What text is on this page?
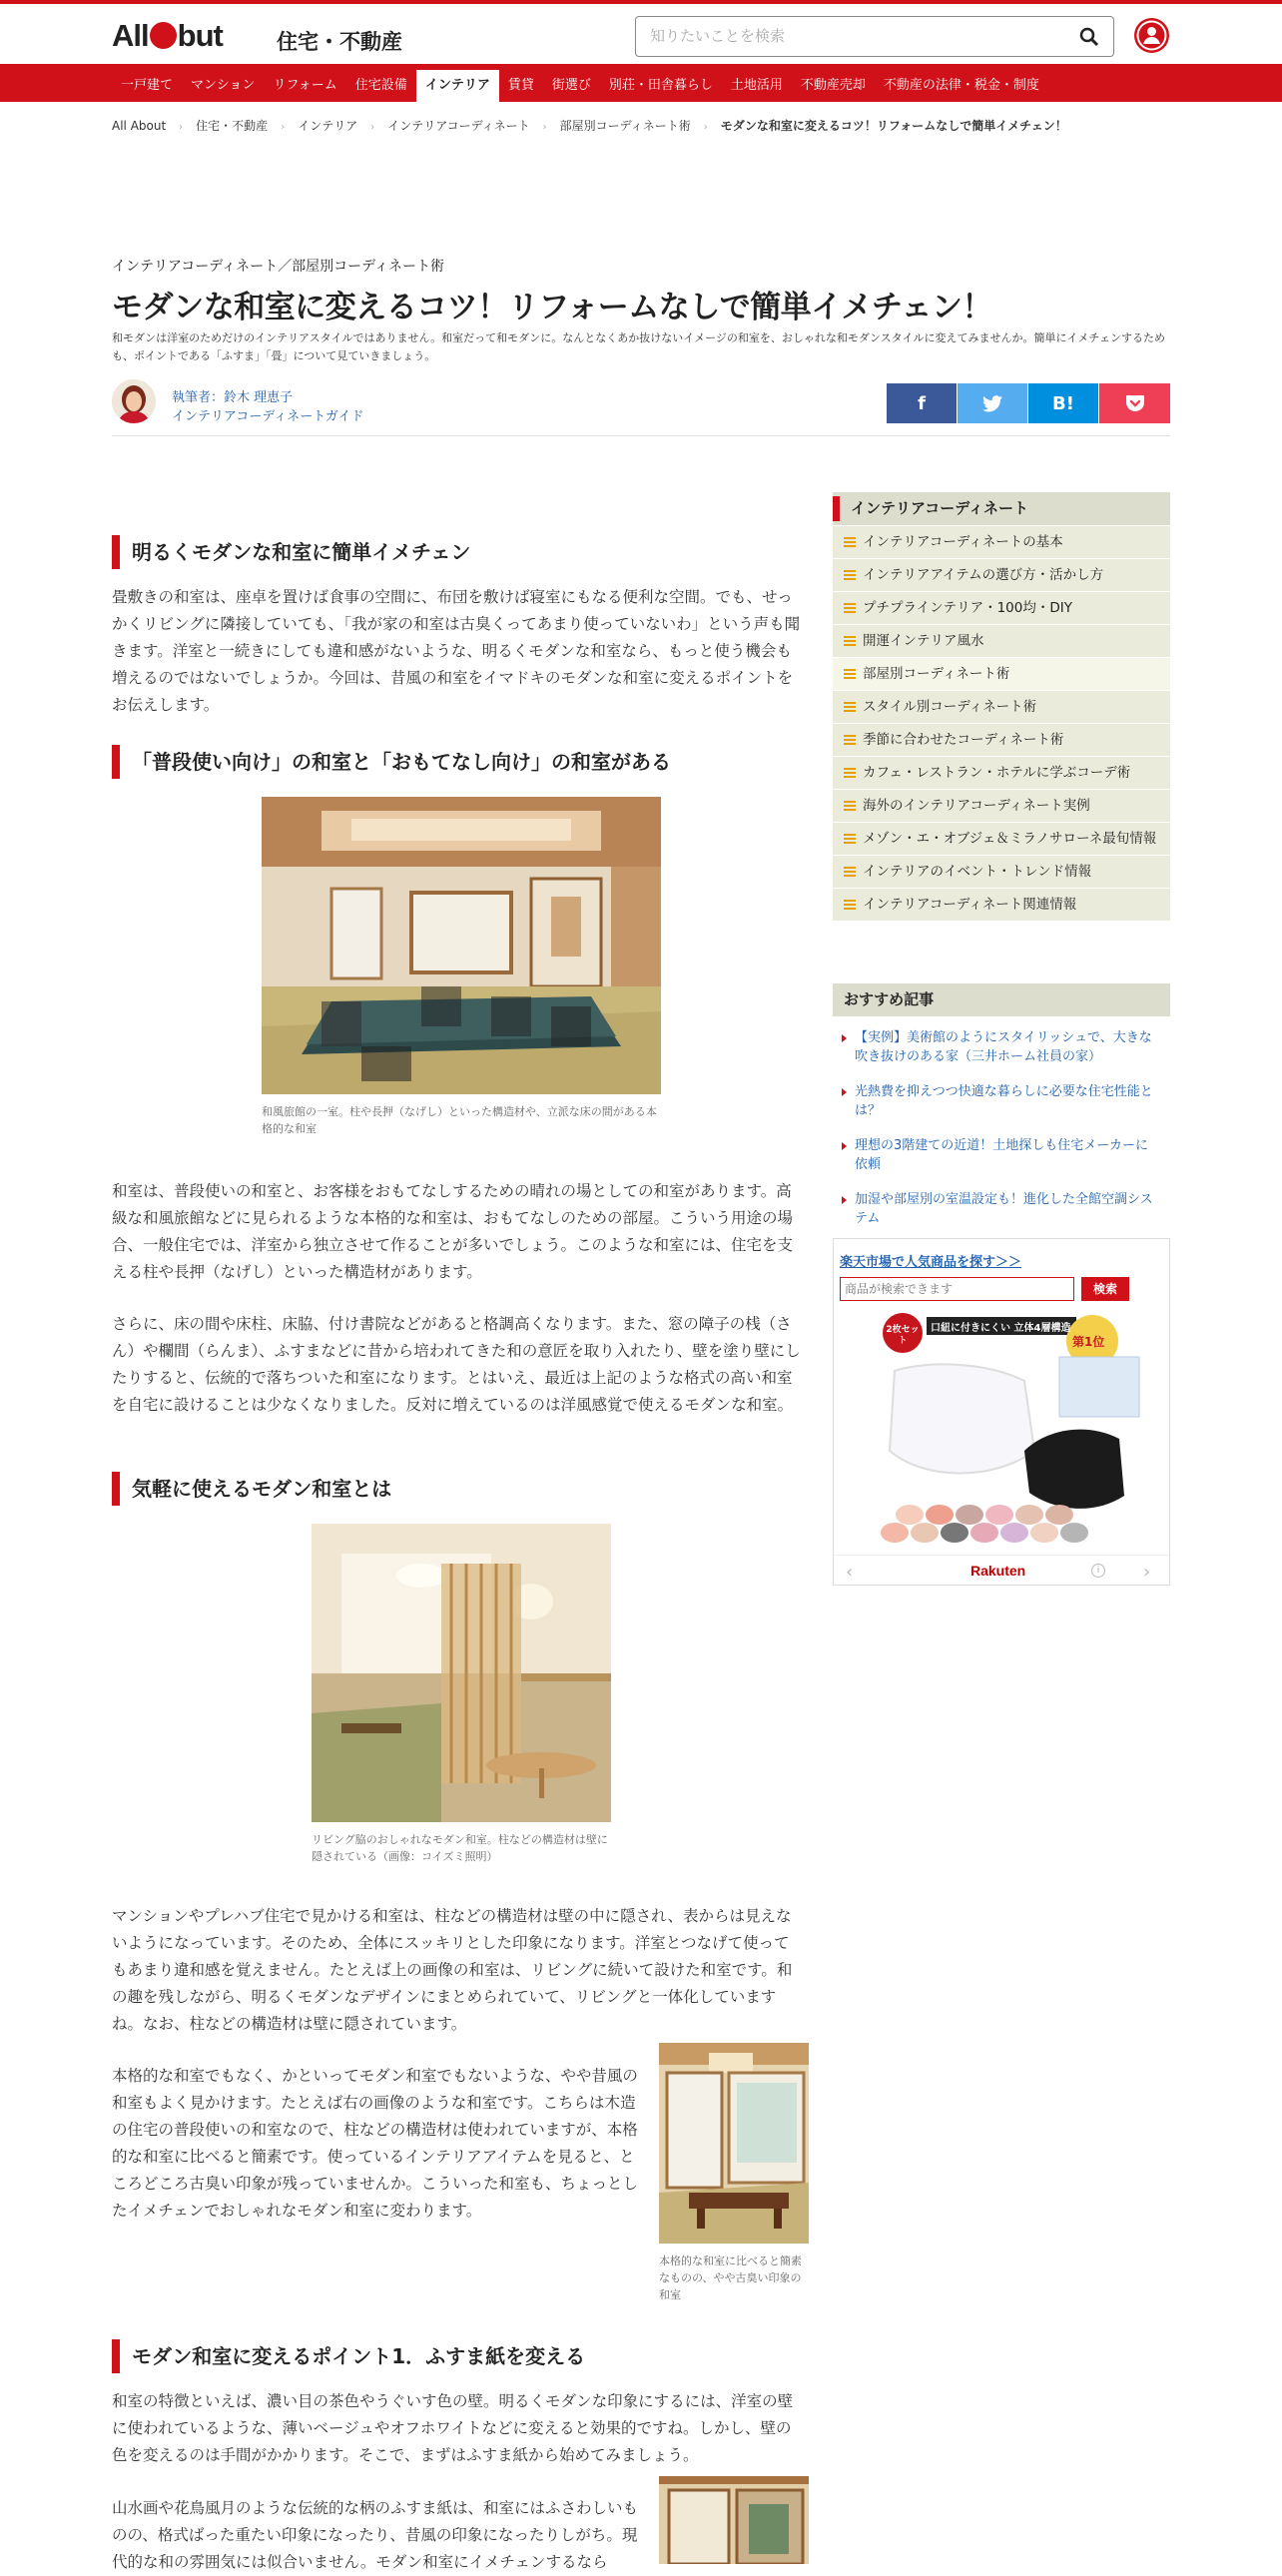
All but	住宅・不動産
知りたいことを検索
一戸建て	マンション	リフォーム	住宅設備	インテリア	賃貸	街選び	別荘・田舎暮らし	土地活用	不動産売却	不動産の法律・税金・制度
All About › 住宅・不動産 › インテリア › インテリアコーディネート › 部屋別コーディネート術 › モダンな和室に変えるコツ！リフォームなしで簡単イメチェン！
インテリアコーディネート／部屋別コーディネート術
モダンな和室に変えるコツ！リフォームなしで簡単イメチェン！

和モダンは洋室のためだけのインテリアスタイルではありません。和室だって和モダンに。なんとなくあか抜けないイメージの和室を、おしゃれな和モダンスタイルに変えてみませんか。簡単にイメチェンするためも、ポイントである「ふすま」「畳」について見ていきましょう。

執筆者：鈴木 理恵子
インテリアコーディネートガイド
f	B!
明るくモダンな和室に簡単イメチェン

畳敷きの和室は、座卓を置けば食事の空間に、布団を敷けば寝室にもなる便利な空間。でも、せっかくリビングに隣接していても、「我が家の和室は古臭くってあまり使っていないわ」という声も聞きます。洋室と一続きにしても違和感がないような、明るくモダンな和室なら、もっと使う機会も増えるのではないでしょうか。今回は、昔風の和室をイマドキのモダンな和室に変えるポイントをお伝えします。

「普段使い向け」の和室と「おもてなし向け」の和室がある

和風旅館の一室。柱や長押（なげし）といった構造材や、立派な床の間がある本格的な和室

和室は、普段使いの和室と、お客様をおもてなしするための晴れの場としての和室があります。高級な和風旅館などに見られるような本格的な和室は、おもてなしのための部屋。こういう用途の場合、一般住宅では、洋室から独立させて作ることが多いでしょう。このような和室には、住宅を支える柱や長押（なげし）といった構造材があります。

さらに、床の間や床柱、床脇、付け書院などがあると格調高くなります。また、窓の障子の桟（さん）や欄間（らんま）、ふすまなどに昔から培われてきた和の意匠を取り入れたり、壁を塗り壁にしたりすると、伝統的で落ちついた和室になります。とはいえ、最近は上記のような格式の高い和室を自宅に設けることは少なくなりました。反対に増えているのは洋風感覚で使えるモダンな和室。

気軽に使えるモダン和室とは

リビング脇のおしゃれなモダン和室。柱などの構造材は壁に隠されている（画像：コイズミ照明）

マンションやプレハブ住宅で見かける和室は、柱などの構造材は壁の中に隠され、表からは見えないようになっています。そのため、全体にスッキリとした印象になります。洋室とつなげて使ってもあまり違和感を覚えません。たとえば上の画像の和室は、リビングに続いて設けた和室です。和の趣を残しながら、明るくモダンなデザインにまとめられていて、リビングと一体化していますね。なお、柱などの構造材は壁に隠されています。

本格的な和室でもなく、かといってモダン和室でもないような、やや昔風の和室もよく見かけます。たとえば右の画像のような和室です。こちらは木造の住宅の普段使いの和室なので、柱などの構造材は使われていますが、本格的な和室に比べると簡素です。使っているインテリアアイテムを見ると、ところどころ古臭い印象が残っていませんか。こういった和室も、ちょっとしたイメチェンでおしゃれなモダン和室に変わります。

本格的な和室に比べると簡素なものの、やや古臭い印象の和室

モダン和室に変えるポイント1．ふすま紙を変える

和室の特徴といえば、濃い目の茶色やうぐいす色の壁。明るくモダンな印象にするには、洋室の壁に使われているような、薄いベージュやオフホワイトなどに変えると効果的ですね。しかし、壁の色を変えるのは手間がかかります。そこで、まずはふすま紙から始めてみましょう。

山水画や花鳥風月のような伝統的な柄のふすま紙は、和室にはふさわしいものの、格式ばった重たい印象になったり、昔風の印象になったりしがち。現代的な和の雰囲気には似合いません。モダン和室にイメチェンするなら

インテリアコーディネート
インテリアコーディネートの基本
インテリアアイテムの選び方・活かし方
プチプラインテリア・100均・DIY
開運インテリア風水
部屋別コーディネート術
スタイル別コーディネート術
季節に合わせたコーディネート術
カフェ・レストラン・ホテルに学ぶコーデ術
海外のインテリアコーディネート実例
メゾン・エ・オブジェ＆ミラノサローネ最旬情報
インテリアのイベント・トレンド情報
インテリアコーディネート関連情報
おすすめ記事
【実例】美術館のようにスタイリッシュで、大きな吹き抜けのある家（三井ホーム社員の家）
光熱費を抑えつつ快適な暮らしに必要な住宅性能とは？
理想の3階建ての近道！土地探しも住宅メーカーに依頼
加湿や部屋別の室温設定も！進化した全館空調システム
楽天市場で人気商品を探す＞＞
商品が検索できます
検索
2枚セット
口紐に付きにくい 立体4層構造
第1位
‹	Rakuten	i	›
